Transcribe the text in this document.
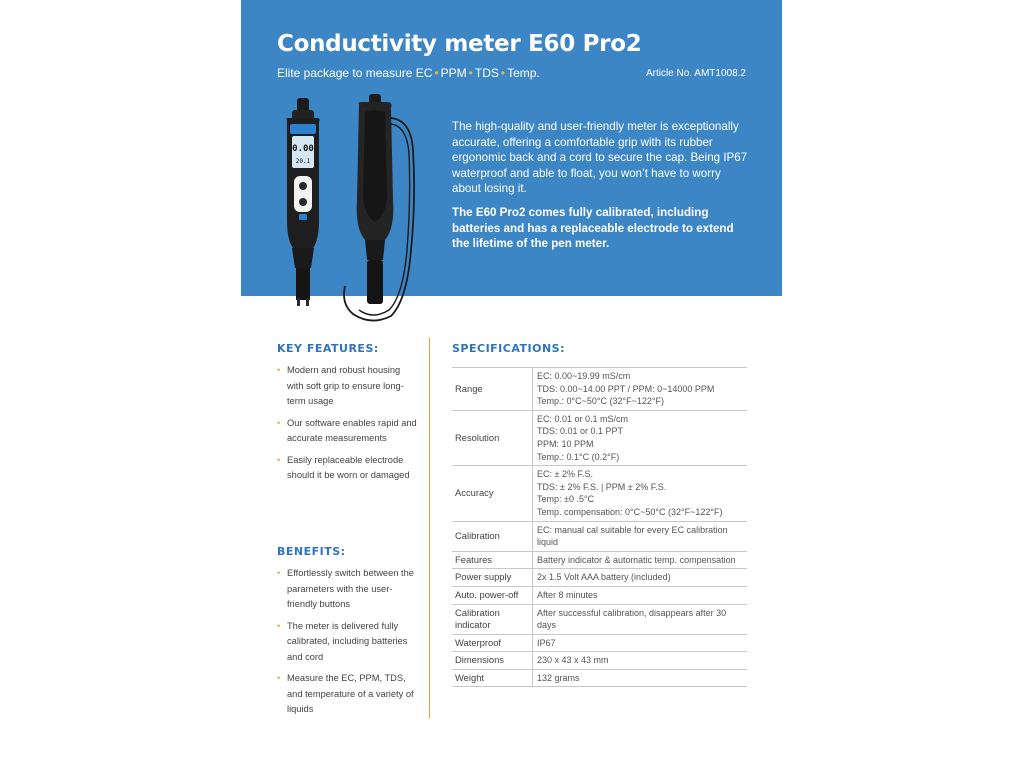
Conductivity meter E60 Pro2
Elite package to measure EC • PPM • TDS • Temp.	Article No. AMT1008.2
0.00
20.1

The high-quality and user-friendly meter is exceptionally accurate, offering a comfortable grip with its rubber ergonomic back and a cord to secure the cap. Being IP67 waterproof and able to float, you won’t have to worry about losing it.

The E60 Pro2 comes fully calibrated, including batteries and has a replaceable electrode to extend the lifetime of the pen meter.

KEY FEATURES:
• Modern and robust housing with soft grip to ensure long-term usage
• Our software enables rapid and accurate measurements
• Easily replaceable electrode should it be worn or damaged
BENEFITS:
• Effortlessly switch between the parameters with the user-friendly buttons
• The meter is delivered fully calibrated, including batteries and cord
• Measure the EC, PPM, TDS, and temperature of a variety of liquids
SPECIFICATIONS:
Range	EC: 0.00~19.99 mS/cm
TDS: 0.00~14.00 PPT / PPM: 0~14000 PPM
Temp.: 0°C~50°C (32°F~122°F)

Resolution	EC: 0.01 or 0.1 mS/cm
TDS: 0.01 or 0.1 PPT
PPM: 10 PPM
Temp.: 0.1°C (0.2°F)

Accuracy	EC: ± 2% F.S.
TDS: ± 2% F.S. | PPM ± 2% F.S.
Temp: ±0 .5°C
Temp. compensation: 0°C~50°C (32°F~122°F)

Calibration	EC: manual cal suitable for every EC calibration liquid

Features	Battery indicator & automatic temp. compensation

Power supply	2x 1.5 Volt AAA battery (included)

Auto. power-off	After 8 minutes

Calibration indicator	After successful calibration, disappears after 30 days

Waterproof	IP67

Dimensions	230 x 43 x 43 mm

Weight	132 grams
